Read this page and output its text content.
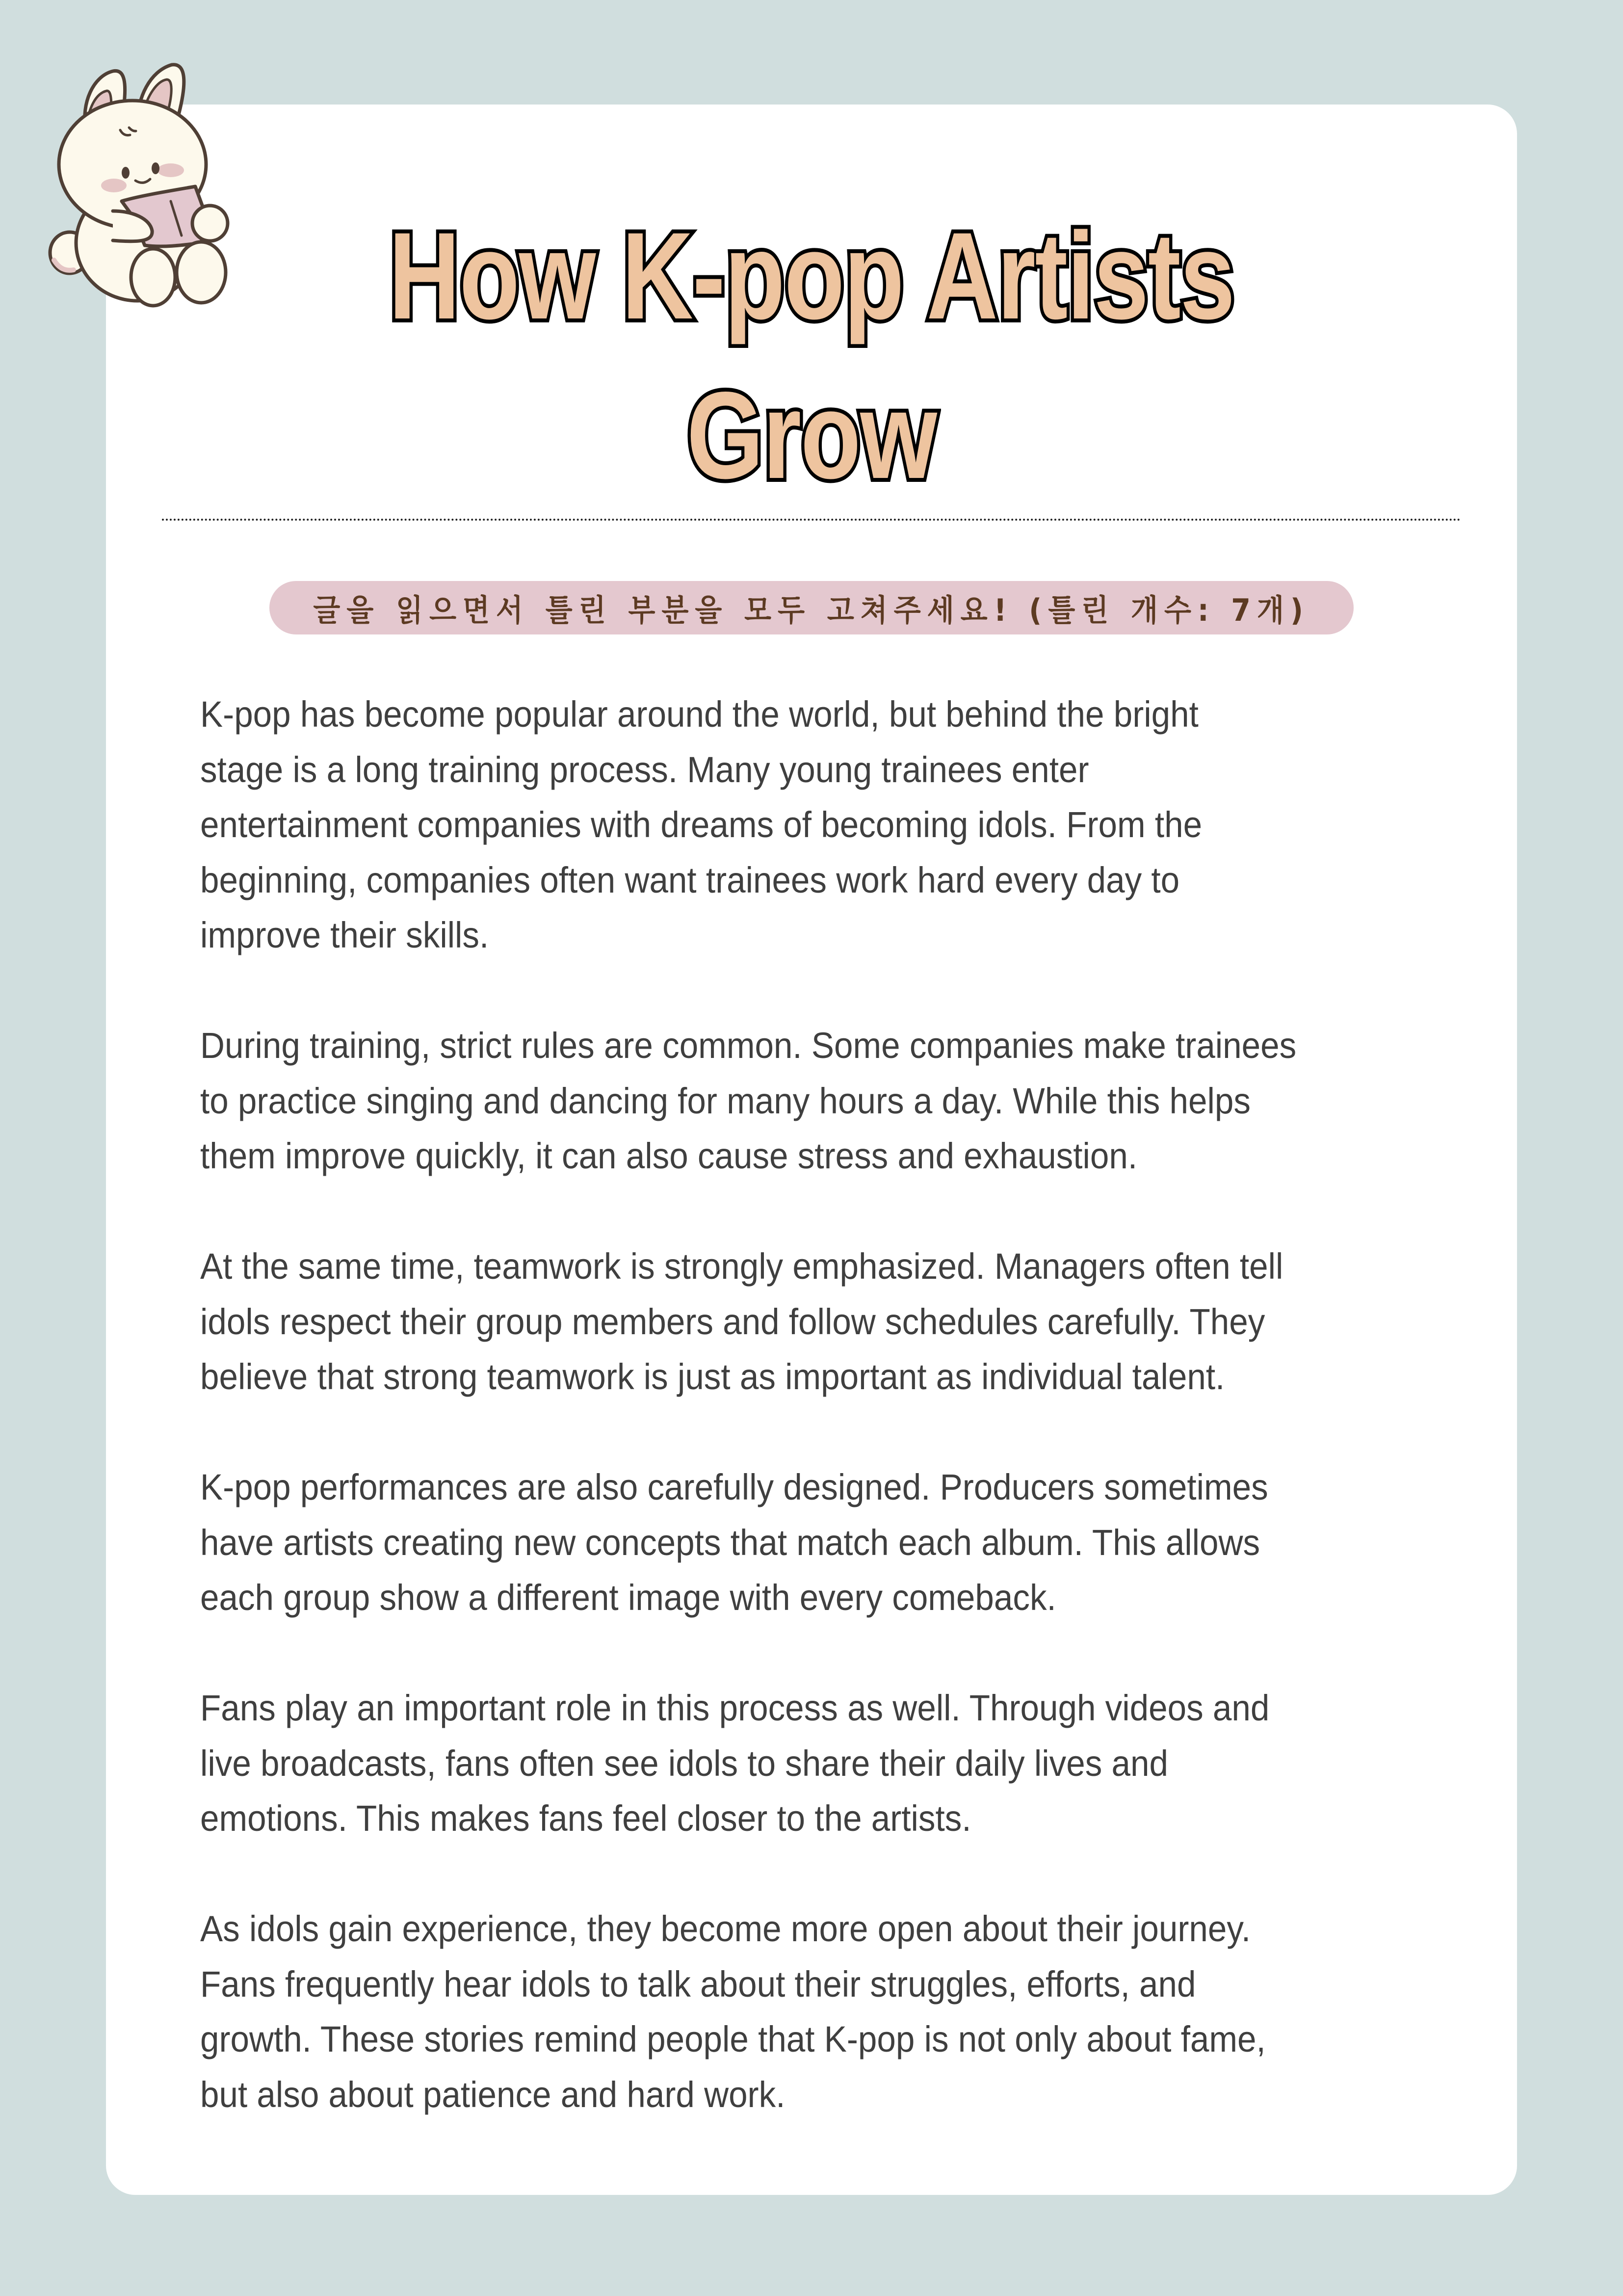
How K-pop Artists
Grow
글을 읽으면서 틀린 부분을 모두 고쳐주세요! (틀린 개수: 7개)

K-pop has become popular around the world, but behind the bright
stage is a long training process. Many young trainees enter
entertainment companies with dreams of becoming idols. From the
beginning, companies often want trainees work hard every day to
improve their skills.

During training, strict rules are common. Some companies make trainees
to practice singing and dancing for many hours a day. While this helps
them improve quickly, it can also cause stress and exhaustion.

At the same time, teamwork is strongly emphasized. Managers often tell
idols respect their group members and follow schedules carefully. They
believe that strong teamwork is just as important as individual talent.

K-pop performances are also carefully designed. Producers sometimes
have artists creating new concepts that match each album. This allows
each group show a different image with every comeback.

Fans play an important role in this process as well. Through videos and
live broadcasts, fans often see idols to share their daily lives and
emotions. This makes fans feel closer to the artists.

As idols gain experience, they become more open about their journey.
Fans frequently hear idols to talk about their struggles, efforts, and
growth. These stories remind people that K-pop is not only about fame,
but also about patience and hard work.
